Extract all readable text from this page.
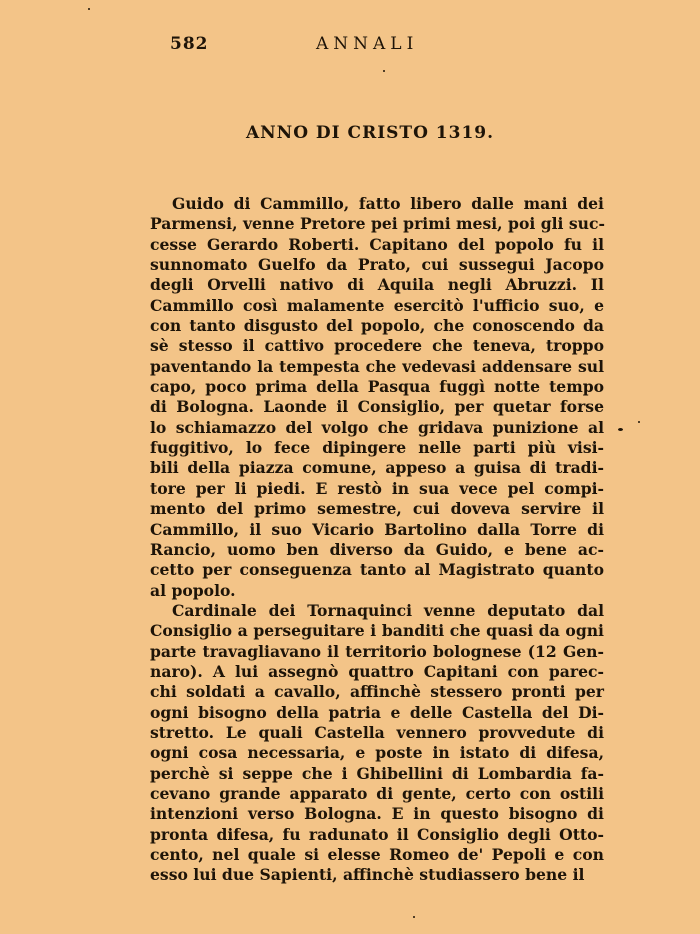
582	ANNALI
ANNO DI CRISTO 1319.
Guido di Cammillo, fatto libero dalle mani dei
Parmensi, venne Pretore pei primi mesi, poi gli suc-
cesse Gerardo Roberti. Capitano del popolo fu il
sunnomato Guelfo da Prato, cui sussegui Jacopo
degli Orvelli nativo di Aquila negli Abruzzi. Il
Cammillo così malamente esercitò l'ufficio suo, e
con tanto disgusto del popolo, che conoscendo da
sè stesso il cattivo procedere che teneva, troppo
paventando la tempesta che vedevasi addensare sul
capo, poco prima della Pasqua fuggì notte tempo
di Bologna. Laonde il Consiglio, per quetar forse
lo schiamazzo del volgo che gridava punizione al
fuggitivo, lo fece dipingere nelle parti più visi-
bili della piazza comune, appeso a guisa di tradi-
tore per li piedi. E restò in sua vece pel compi-
mento del primo semestre, cui doveva servire il
Cammillo, il suo Vicario Bartolino dalla Torre di
Rancio, uomo ben diverso da Guido, e bene ac-
cetto per conseguenza tanto al Magistrato quanto
al popolo.
Cardinale dei Tornaquinci venne deputato dal
Consiglio a perseguitare i banditi che quasi da ogni
parte travagliavano il territorio bolognese (12 Gen-
naro). A lui assegnò quattro Capitani con parec-
chi soldati a cavallo, affinchè stessero pronti per
ogni bisogno della patria e delle Castella del Di-
stretto. Le quali Castella vennero provvedute di
ogni cosa necessaria, e poste in istato di difesa,
perchè si seppe che i Ghibellini di Lombardia fa-
cevano grande apparato di gente, certo con ostili
intenzioni verso Bologna. E in questo bisogno di
pronta difesa, fu radunato il Consiglio degli Otto-
cento, nel quale si elesse Romeo de' Pepoli e con
esso lui due Sapienti, affinchè studiassero bene il
